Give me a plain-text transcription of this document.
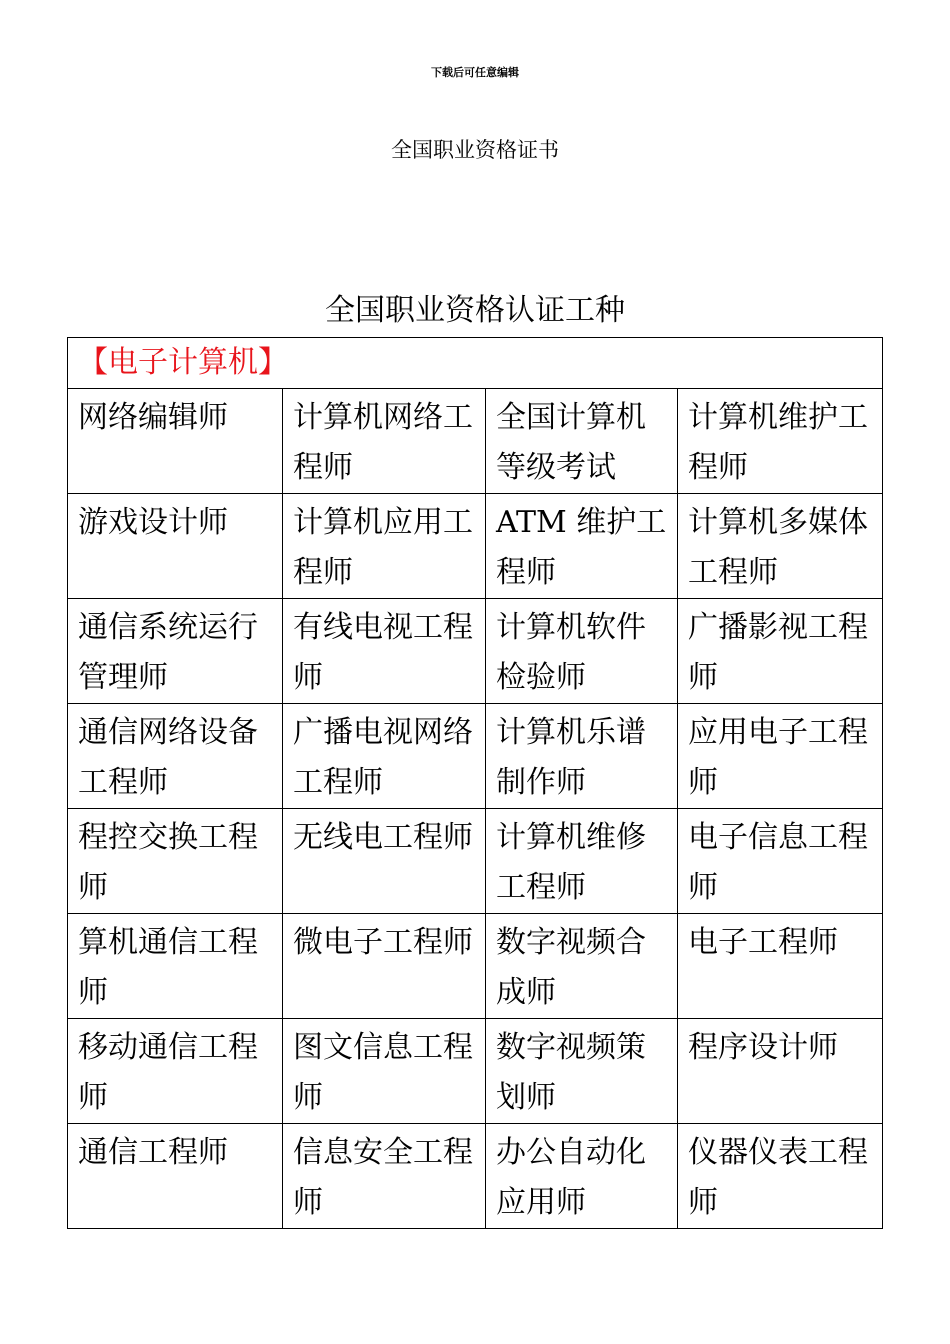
下载后可任意编辑
全国职业资格证书
全国职业资格认证工种
【电子计算机】			
网络编辑师	计算机网络工程师	全国计算机等级考试	计算机维护工程师
游戏设计师	计算机应用工程师	ATM 维护工程师	计算机多媒体工程师
通信系统运行管理师	有线电视工程师	计算机软件检验师	广播影视工程师
通信网络设备工程师	广播电视网络工程师	计算机乐谱制作师	应用电子工程师
程控交换工程师	无线电工程师	计算机维修工程师	电子信息工程师
算机通信工程师	微电子工程师	数字视频合成师	电子工程师
移动通信工程师	图文信息工程师	数字视频策划师	程序设计师
通信工程师	信息安全工程师	办公自动化应用师	仪器仪表工程师
